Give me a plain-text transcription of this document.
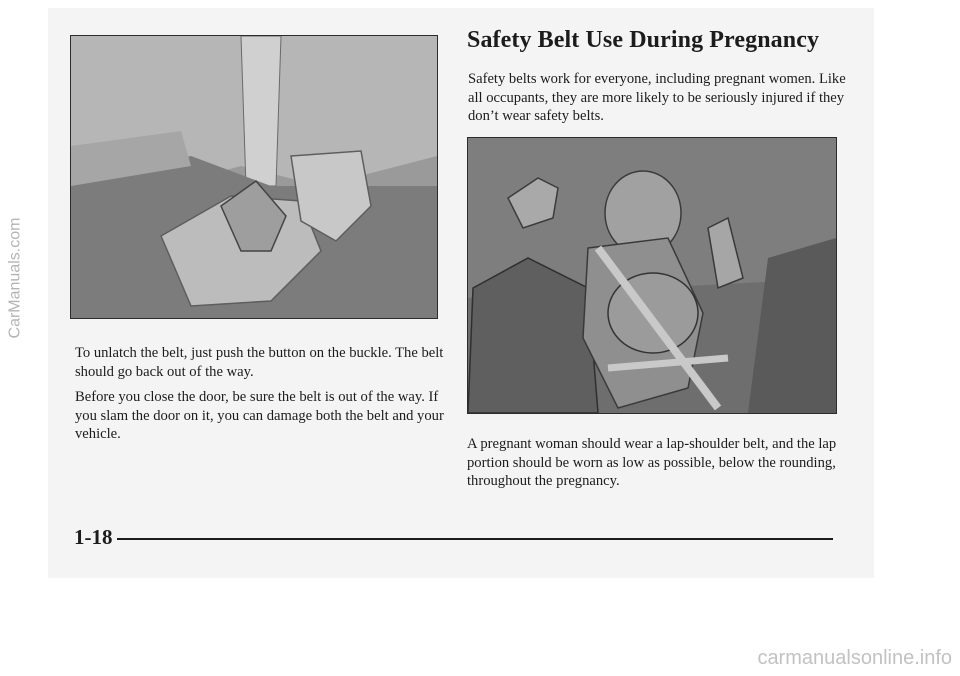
Safety Belt Use During Pregnancy

Safety belts work for everyone, including pregnant women. Like all occupants, they are more likely to be seriously injured if they don’t wear safety belts.

To unlatch the belt, just push the button on the buckle. The belt should go back out of the way.

Before you close the door, be sure the belt is out of the way. If you slam the door on it, you can damage both the belt and your vehicle.

A pregnant woman should wear a lap-shoulder belt, and the lap portion should be worn as low as possible, below the rounding, throughout the pregnancy.

1-18
CarManuals.com
carmanualsonline.info
